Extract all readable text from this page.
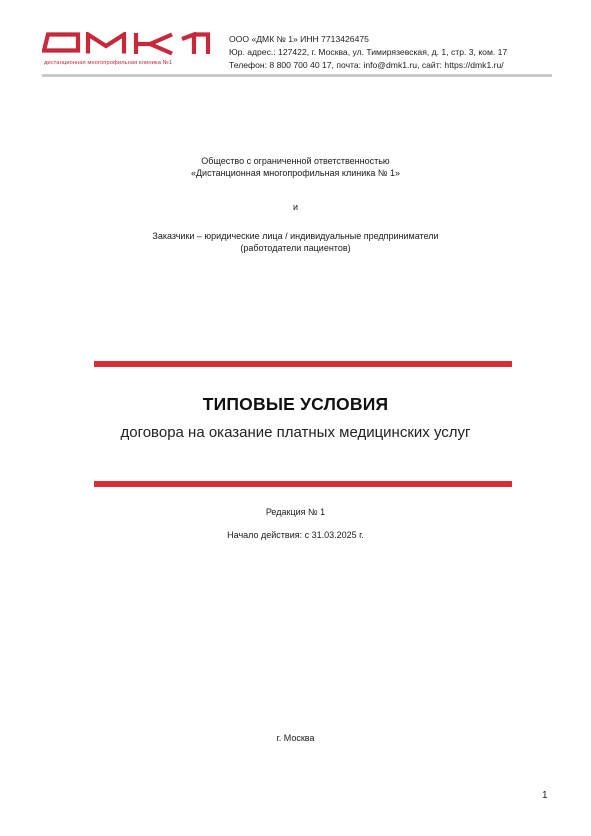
дистанционная многопрофильная клиника №1
ООО «ДМК № 1» ИНН 7713426475
Юр. адрес.: 127422, г. Москва, ул. Тимирязевская, д. 1, стр. 3, ком. 17
Телефон: 8 800 700 40 17, почта: info@dmk1.ru, сайт: https://dmk1.ru/
Общество с ограниченной ответственностью
«Дистанционная многопрофильная клиника № 1»
и
Заказчики – юридические лица / индивидуальные предприниматели
(работодатели пациентов)
ТИПОВЫЕ УСЛОВИЯ
договора на оказание платных медицинских услуг
Редакция № 1
Начало действия: с 31.03.2025 г.
г. Москва
1
